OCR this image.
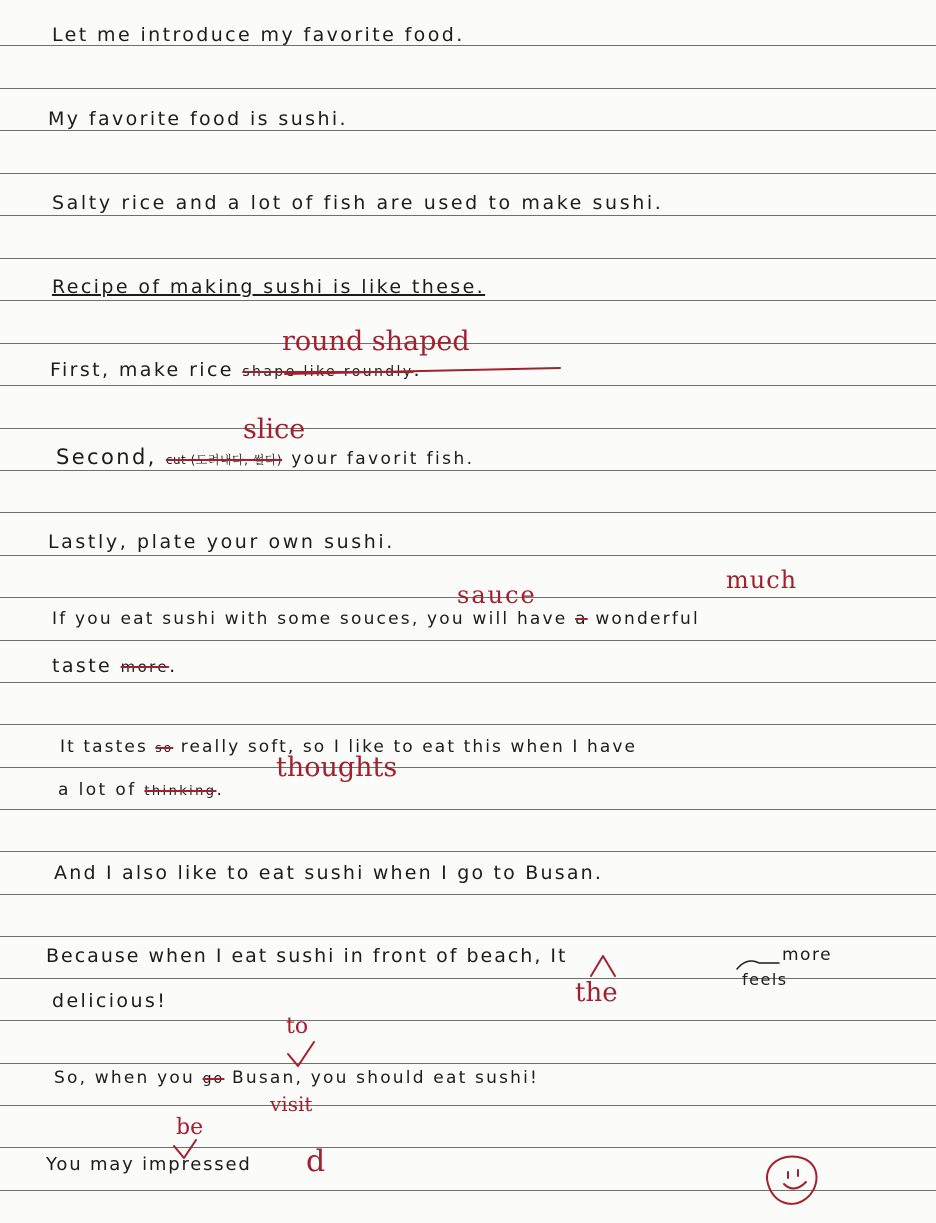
Let me introduce my favorite food.
My favorite food is sushi.
Salty rice and a lot of fish are used to make sushi.
Recipe of making sushi is like these.
round shaped
First, make rice shape like roundly.
slice
Second, cut (도려내다, 썰다) your favorit fish.
Lastly, plate your own sushi.
sauce
much
If you eat sushi with some souces, you will have a wonderful
taste more.
It tastes so really soft, so I like to eat this when I have
thoughts
a lot of thinking.
And I also like to eat sushi when I go to Busan.
Because when I eat sushi in front of beach, It	more
the	feels
delicious!
to
So, when you go Busan, you should eat sushi!
visit
be
You may impressed d
